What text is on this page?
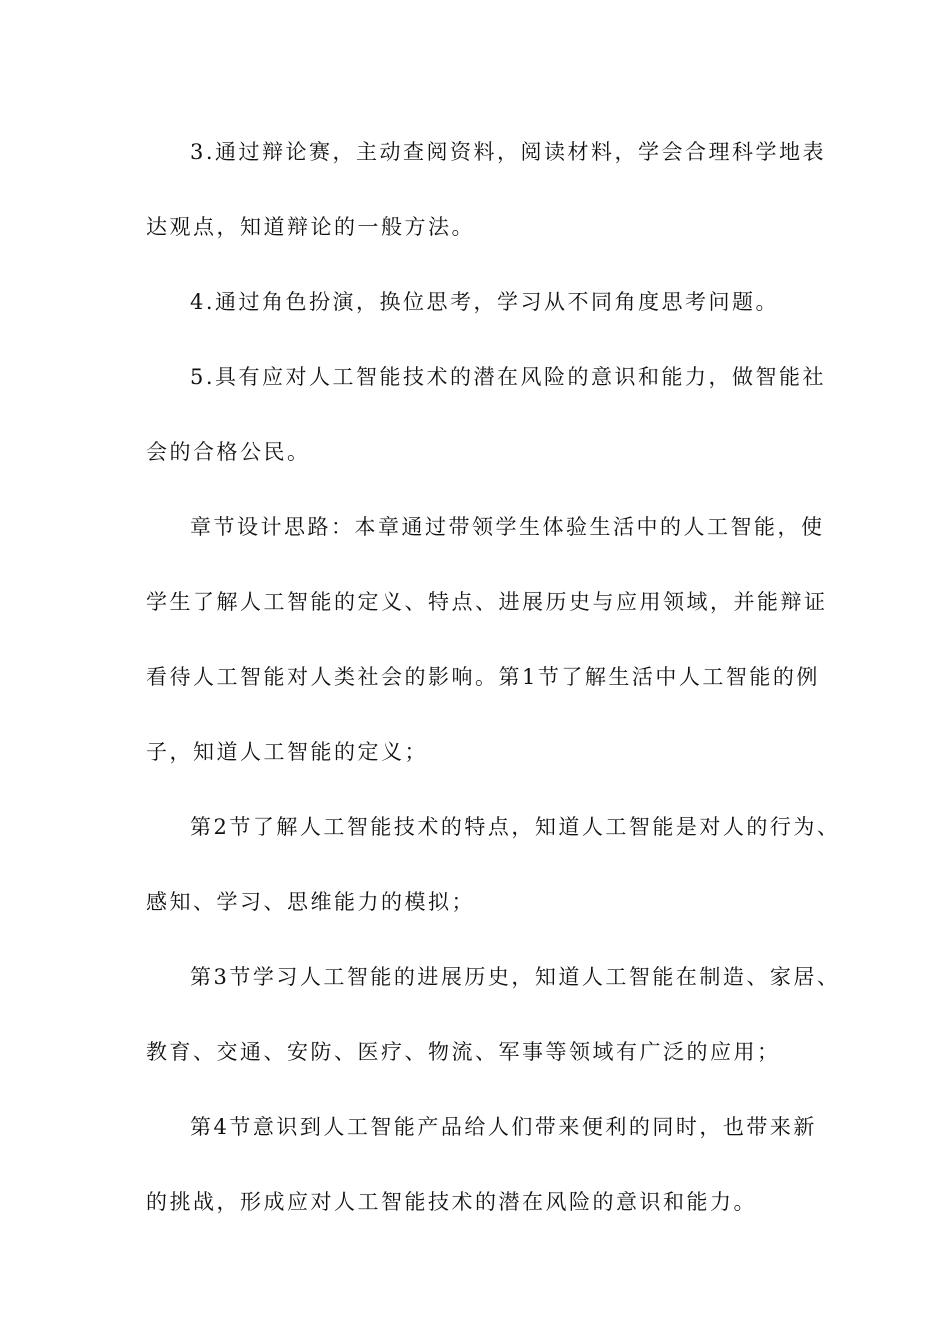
3.通过辩论赛，主动查阅资料，阅读材料，学会合理科学地表

达观点，知道辩论的一般方法。

4.通过角色扮演，换位思考，学习从不同角度思考问题。

5.具有应对人工智能技术的潜在风险的意识和能力，做智能社

会的合格公民。

章节设计思路：本章通过带领学生体验生活中的人工智能，使

学生了解人工智能的定义、特点、进展历史与应用领域，并能辩证

看待人工智能对人类社会的影响。第1节了解生活中人工智能的例

子，知道人工智能的定义；

第2节了解人工智能技术的特点，知道人工智能是对人的行为、

感知、学习、思维能力的模拟；

第3节学习人工智能的进展历史，知道人工智能在制造、家居、

教育、交通、安防、医疗、物流、军事等领域有广泛的应用；

第4节意识到人工智能产品给人们带来便利的同时，也带来新

的挑战，形成应对人工智能技术的潜在风险的意识和能力。
